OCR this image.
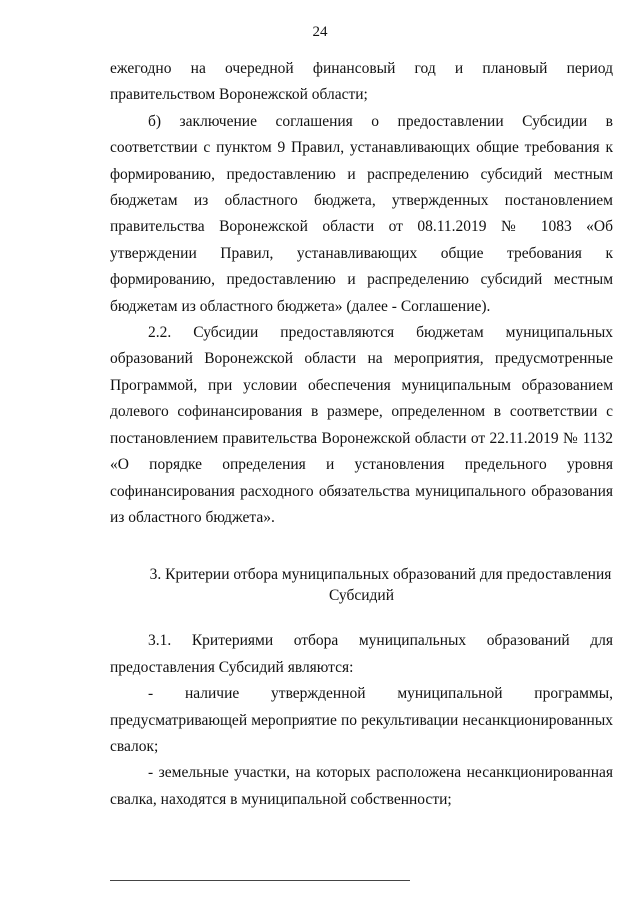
24

ежегодно на очередной финансовый год и плановый период правительством Воронежской области;

б) заключение соглашения о предоставлении Субсидии в соответствии с пунктом 9 Правил, устанавливающих общие требования к формированию, предоставлению и распределению субсидий местным бюджетам из областного бюджета, утвержденных постановлением правительства Воронежской области от 08.11.2019 № 1083 «Об утверждении Правил, устанавливающих общие требования к формированию, предоставлению и распределению субсидий местным бюджетам из областного бюджета» (далее - Соглашение).

2.2. Субсидии предоставляются бюджетам муниципальных образований Воронежской области на мероприятия, предусмотренные Программой, при условии обеспечения муниципальным образованием долевого софинансирования в размере, определенном в соответствии с постановлением правительства Воронежской области от 22.11.2019 № 1132 «О порядке определения и установления предельного уровня софинансирования расходного обязательства муниципального образования из областного бюджета».

3. Критерии отбора муниципальных образований для предоставления
Субсидий

3.1. Критериями отбора муниципальных образований для предоставления Субсидий являются:

- наличие утвержденной муниципальной программы, предусматривающей мероприятие по рекультивации несанкционированных свалок;

- земельные участки, на которых расположена несанкционированная свалка, находятся в муниципальной собственности;
